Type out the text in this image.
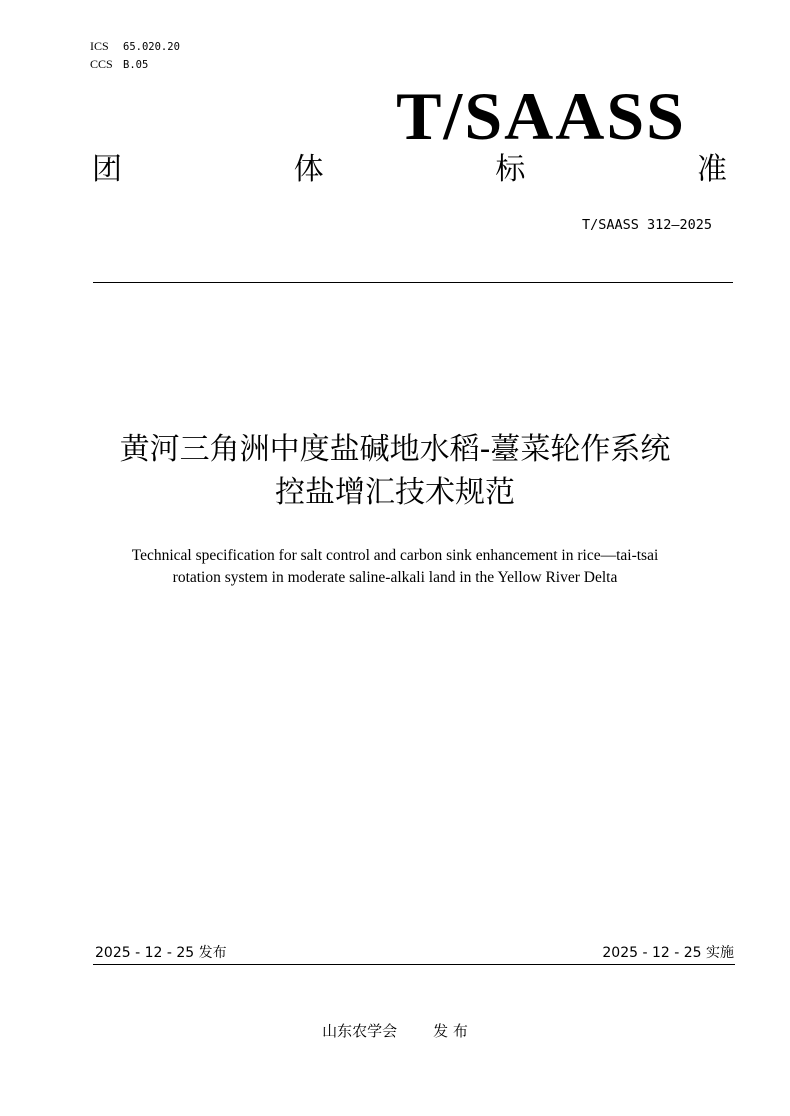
ICS 65.020.20
CCS B.05
T/SAASS
团	体	标	准
T/SAASS 312—2025
黄河三角洲中度盐碱地水稻-薹菜轮作系统
控盐增汇技术规范
Technical specification for salt control and carbon sink enhancement in rice—tai-tsai
rotation system in moderate saline-alkali land in the Yellow River Delta
2025 - 12 - 25 发布	2025 - 12 - 25 实施
山东农学会 发 布
